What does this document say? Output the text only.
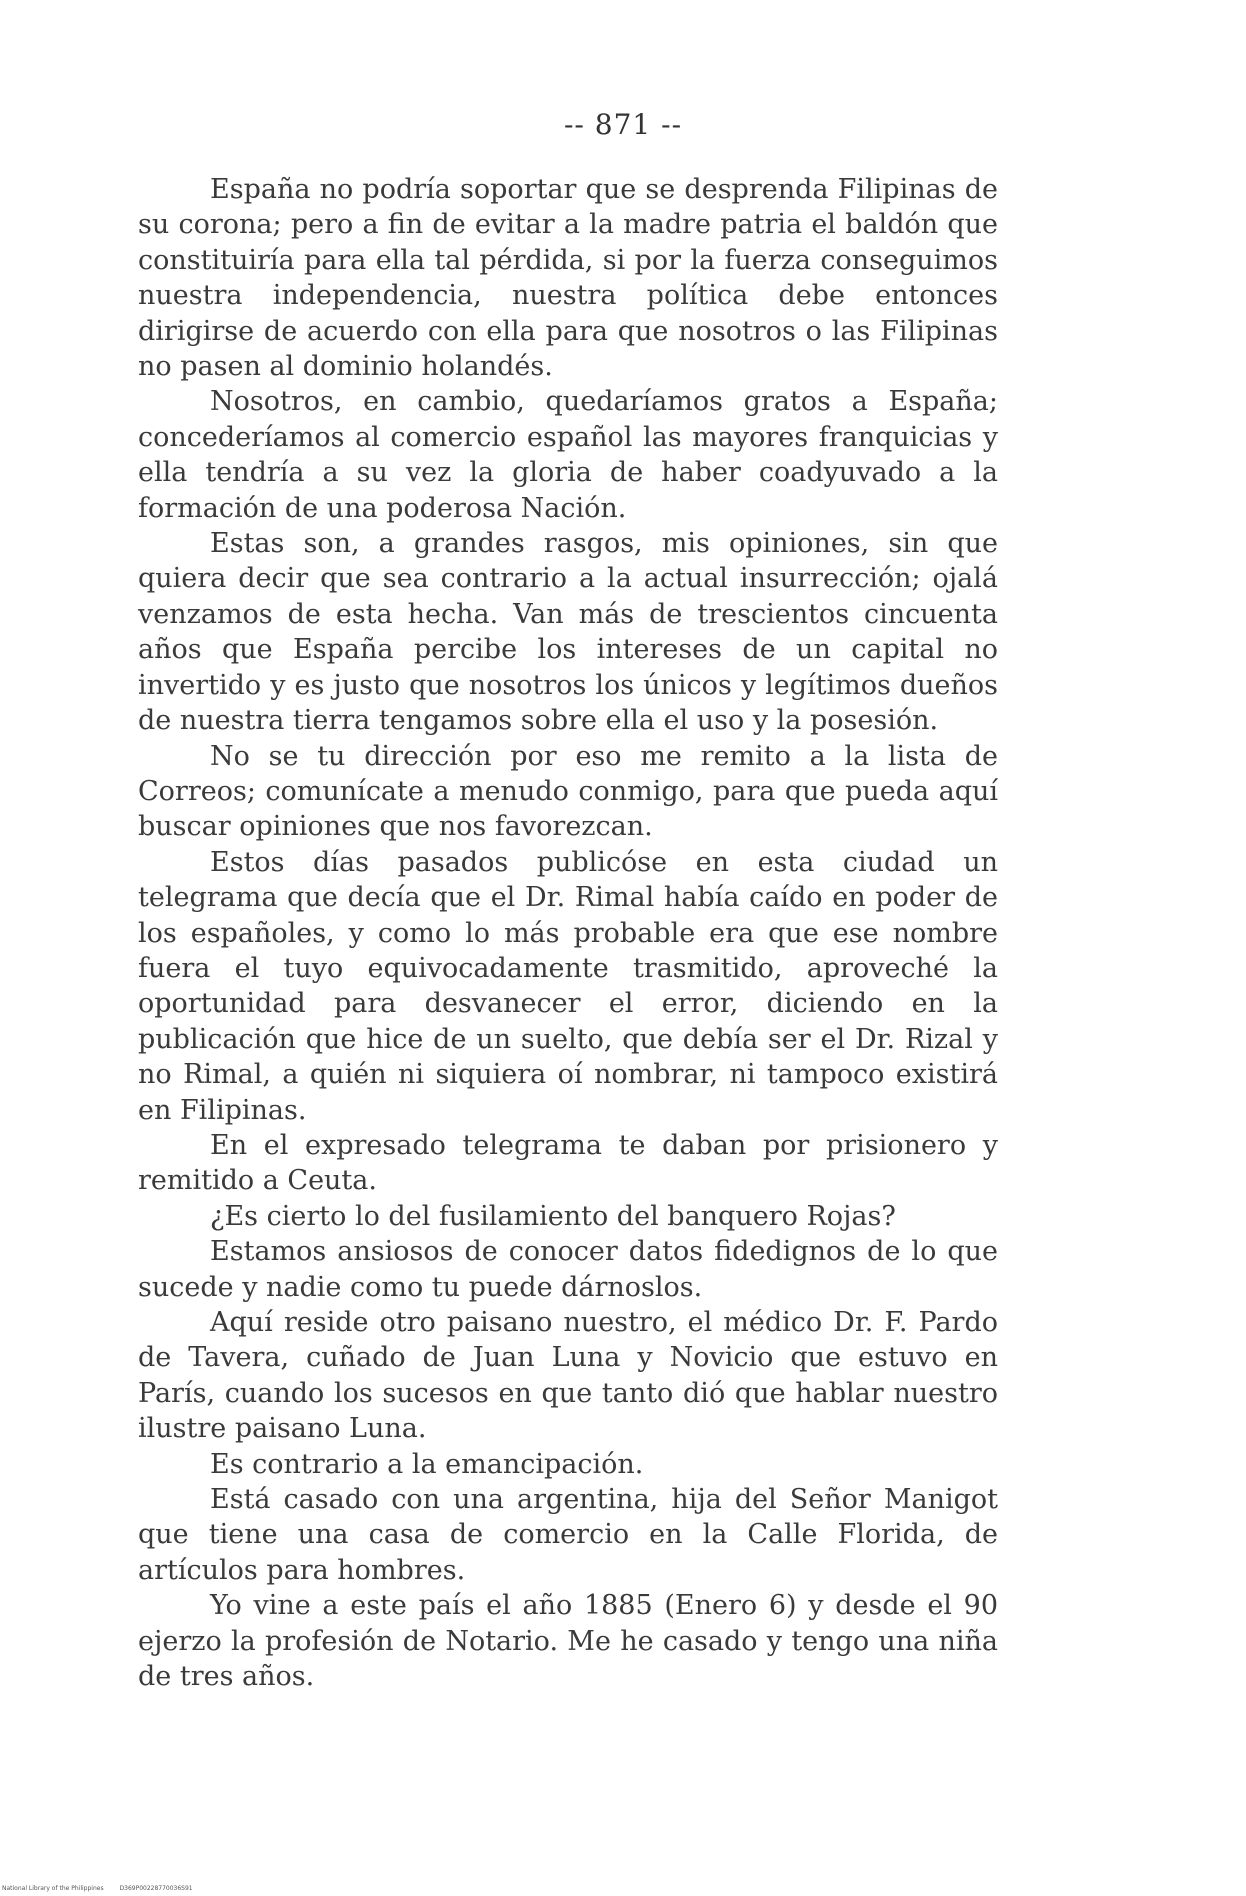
-- 871 --

España no podría soportar que se desprenda Filipinas de su corona; pero a fin de evitar a la madre patria el baldón que constituiría para ella tal pérdida, si por la fuerza conseguimos nuestra independencia, nuestra política debe entonces dirigirse de acuerdo con ella para que nosotros o las Filipinas no pasen al dominio holandés.

Nosotros, en cambio, quedaríamos gratos a España; concederíamos al comercio español las mayores franquicias y ella tendría a su vez la gloria de haber coadyuvado a la formación de una poderosa Nación.

Estas son, a grandes rasgos, mis opiniones, sin que quiera decir que sea contrario a la actual insurrección; ojalá venzamos de esta hecha. Van más de trescientos cincuenta años que España percibe los intereses de un capital no invertido y es justo que nosotros los únicos y legítimos dueños de nuestra tierra tengamos sobre ella el uso y la posesión.

No se tu dirección por eso me remito a la lista de Correos; comunícate a menudo conmigo, para que pueda aquí buscar opiniones que nos favorezcan.

Estos días pasados publicóse en esta ciudad un telegrama que decía que el Dr. Rimal había caído en poder de los españoles, y como lo más probable era que ese nombre fuera el tuyo equivocadamente trasmitido, aproveché la oportunidad para desvanecer el error, diciendo en la publicación que hice de un suelto, que debía ser el Dr. Rizal y no Rimal, a quién ni siquiera oí nombrar, ni tampoco existirá en Filipinas.

En el expresado telegrama te daban por prisionero y remitido a Ceuta.

¿Es cierto lo del fusilamiento del banquero Rojas?

Estamos ansiosos de conocer datos fidedignos de lo que sucede y nadie como tu puede dárnoslos.

Aquí reside otro paisano nuestro, el médico Dr. F. Pardo de Tavera, cuñado de Juan Luna y Novicio que estuvo en París, cuando los sucesos en que tanto dió que hablar nuestro ilustre paisano Luna.

Es contrario a la emancipación.

Está casado con una argentina, hija del Señor Manigot que tiene una casa de comercio en la Calle Florida, de artículos para hombres.

Yo vine a este país el año 1885 (Enero 6) y desde el 90 ejerzo la profesión de Notario. Me he casado y tengo una niña de tres años.

National Library of the Philippines	D369P00228770036S91
